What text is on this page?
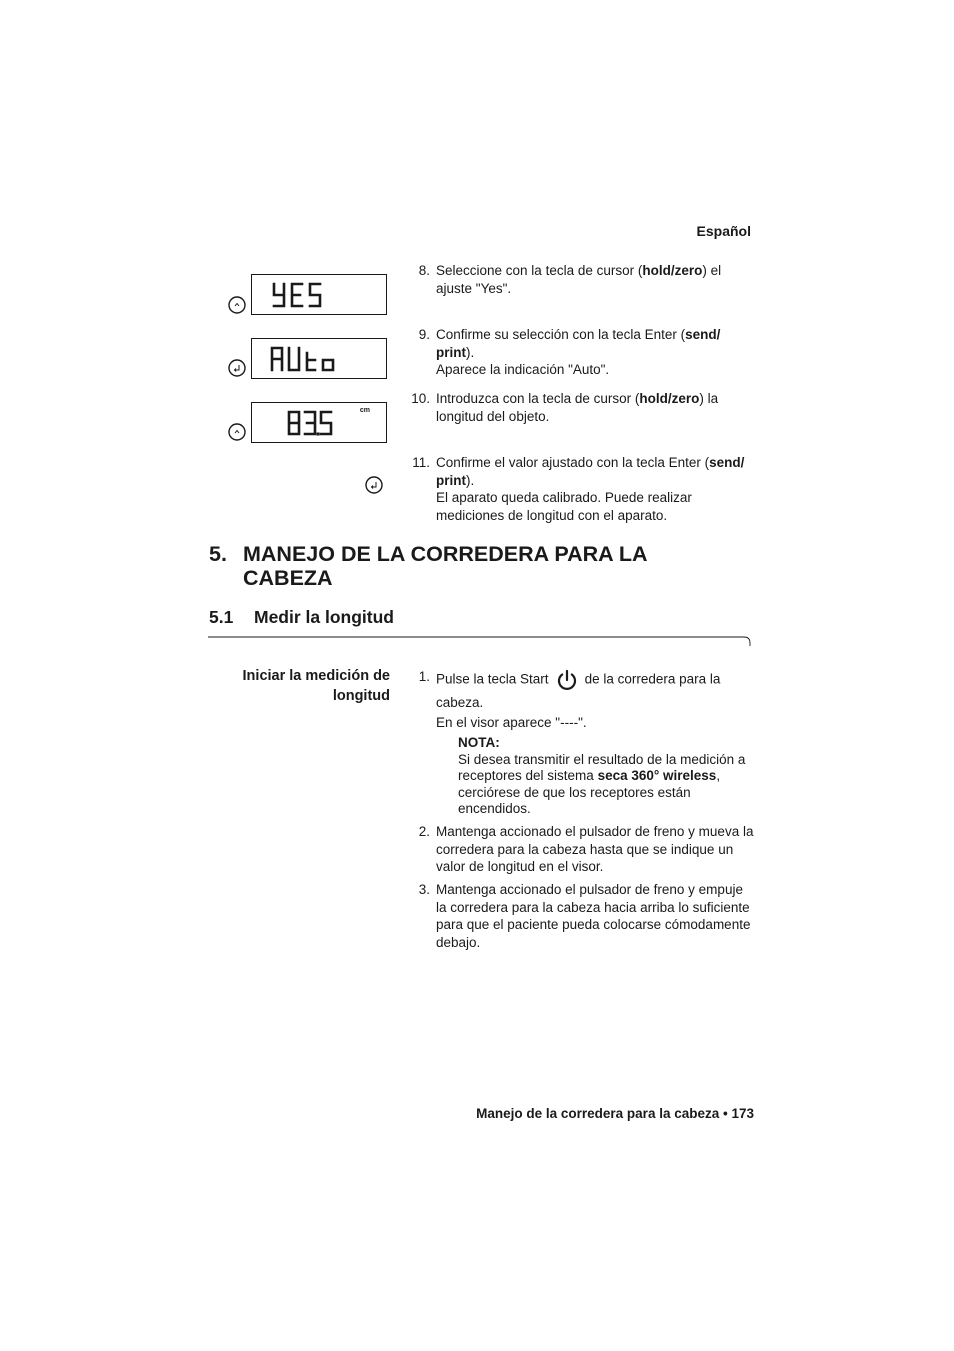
Español
cm
8. Seleccione con la tecla de cursor (hold/zero) el ajuste "Yes".

9. Confirme su selección con la tecla Enter (send/ print).

Aparece la indicación "Auto".

10. Introduzca con la tecla de cursor (hold/zero) la longitud del objeto.

11. Confirme el valor ajustado con la tecla Enter (send/ print).

El aparato queda calibrado. Puede realizar mediciones de longitud con el aparato.

5. MANEJO DE LA CORREDERA PARA LA CABEZA
5.1 Medir la longitud
Iniciar la medición de longitud
1. Pulse la tecla Start	de la corredera para la cabeza.

En el visor aparece "----".

NOTA:

Si desea transmitir el resultado de la medición a receptores del sistema seca 360° wireless, cerciórese de que los receptores están encendidos.

2. Mantenga accionado el pulsador de freno y mueva la corredera para la cabeza hasta que se indique un valor de longitud en el visor.

3. Mantenga accionado el pulsador de freno y empuje la corredera para la cabeza hacia arriba lo suficiente para que el paciente pueda colocarse cómodamente debajo.

Manejo de la corredera para la cabeza • 173
